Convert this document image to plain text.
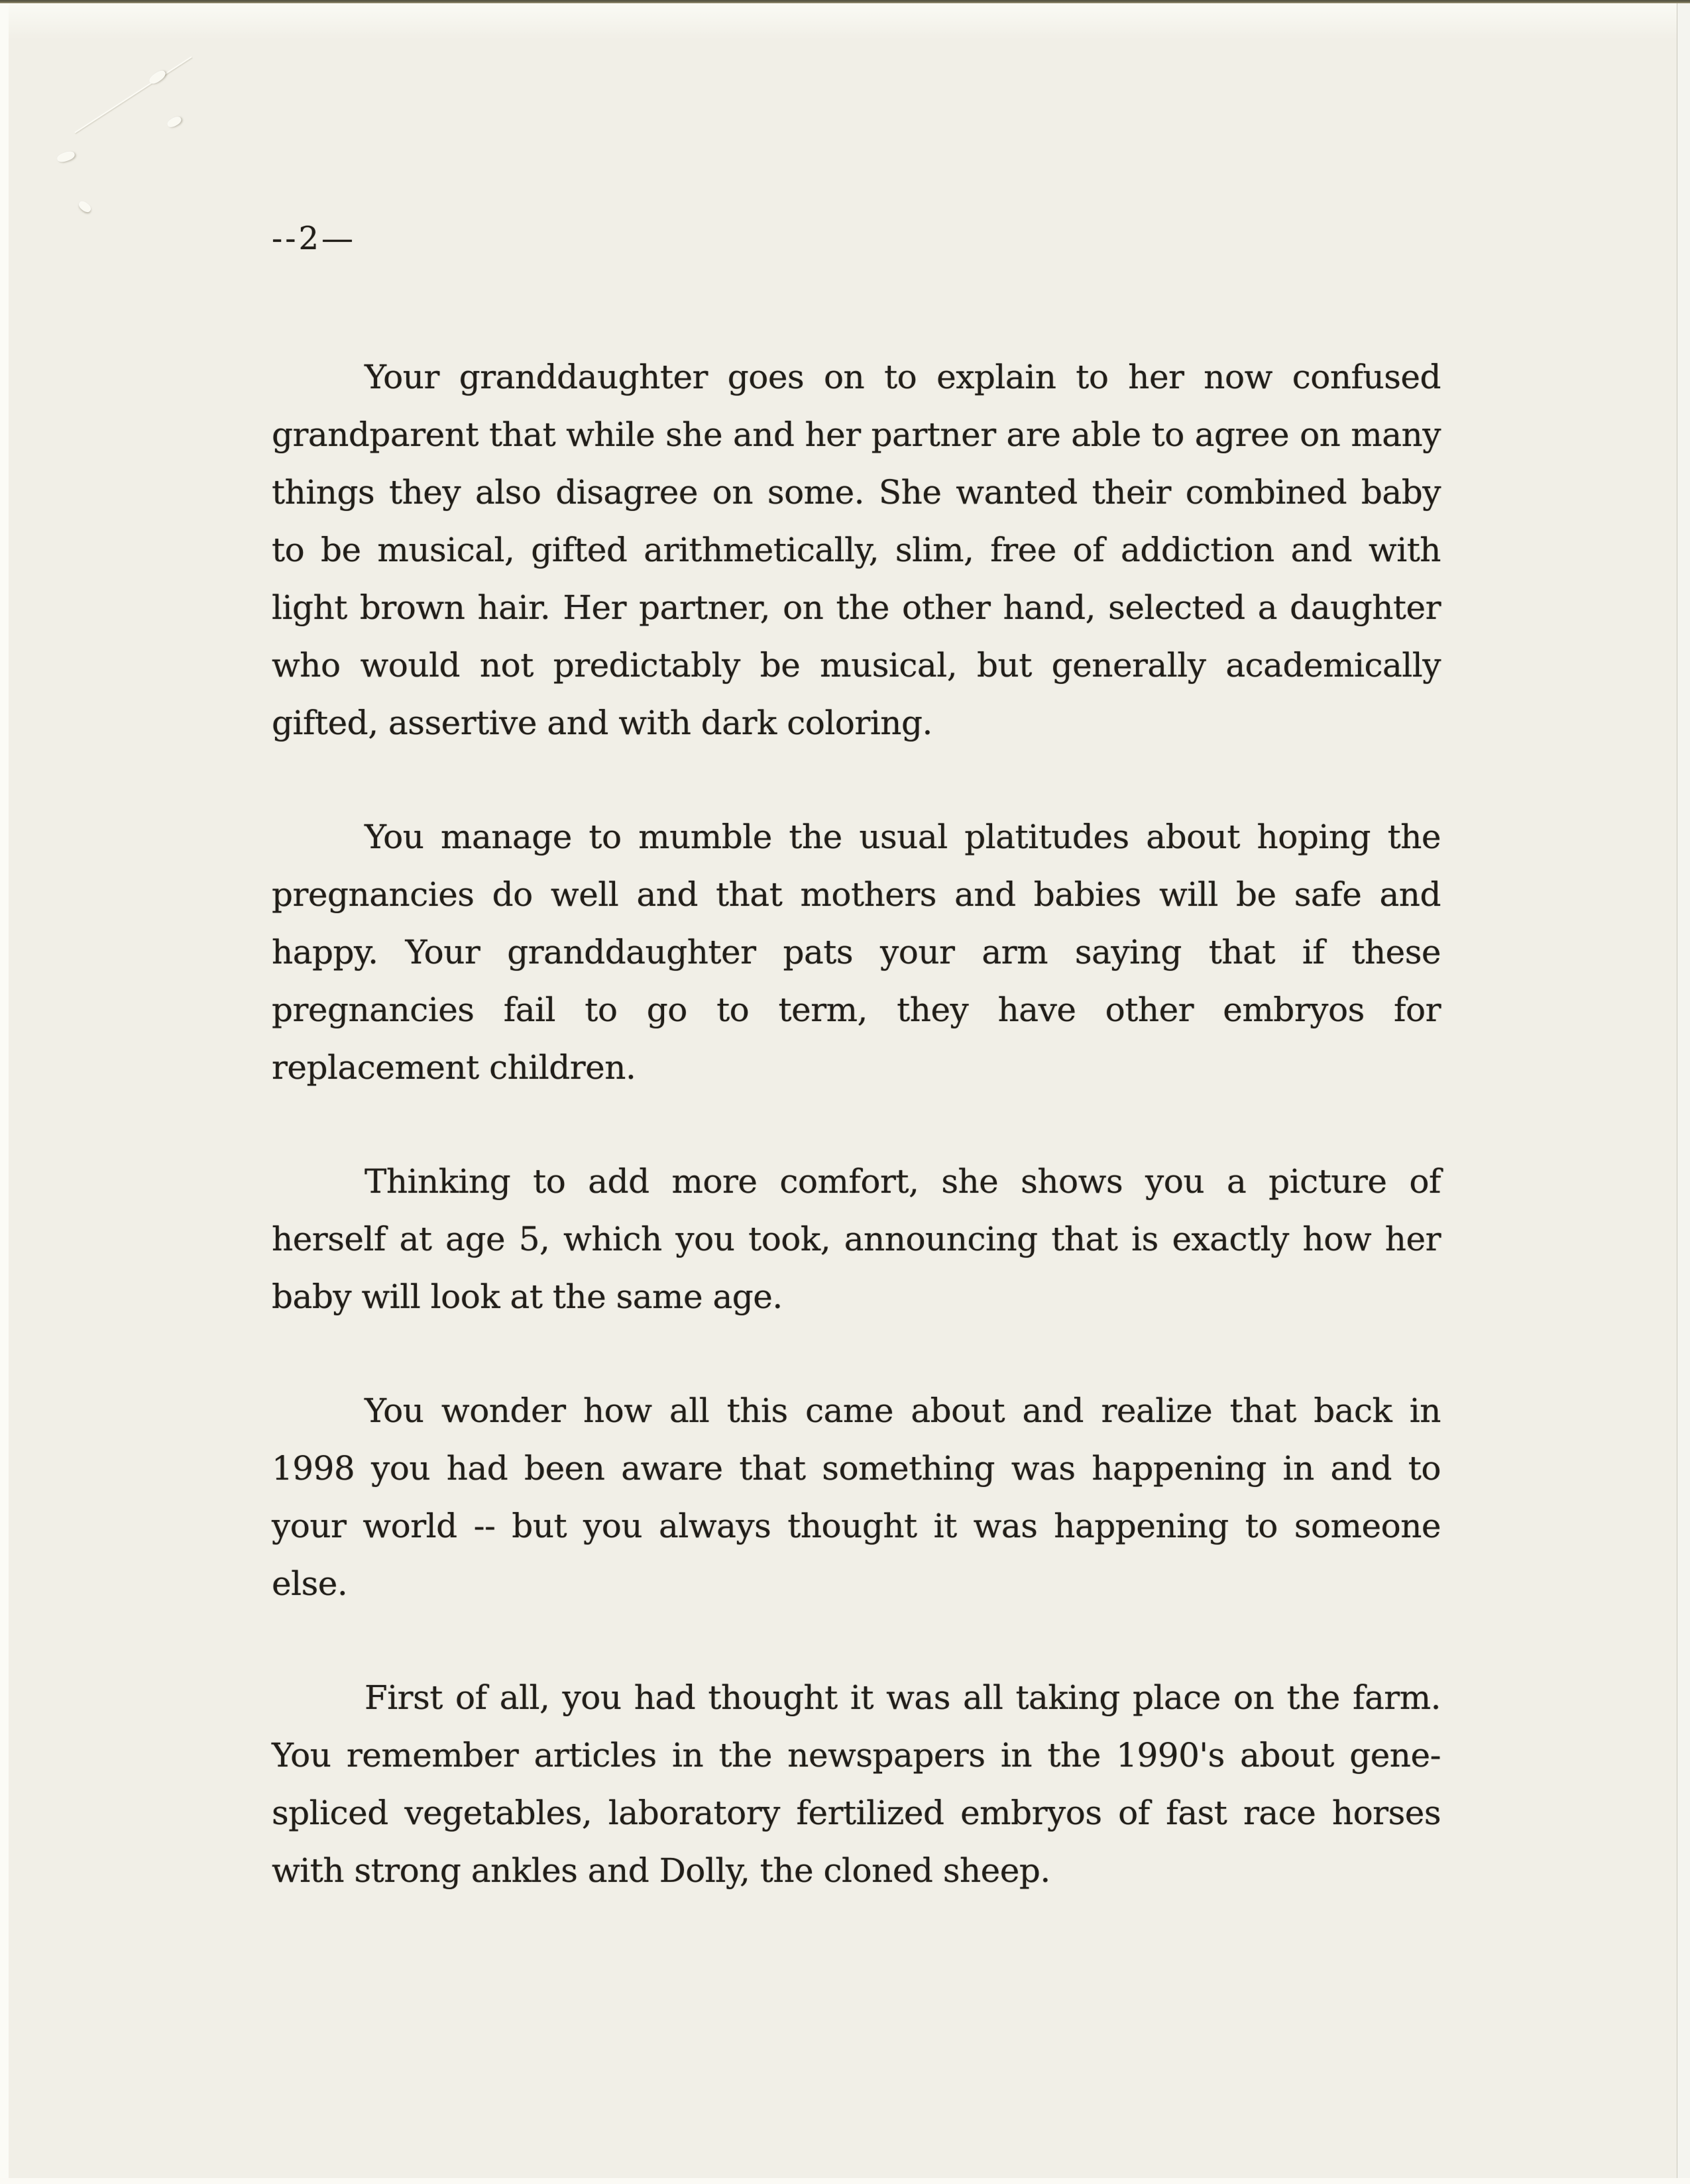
--2—
Your granddaughter goes on to explain to her now confused
grandparent that while she and her partner are able to agree on many
things they also disagree on some. She wanted their combined baby
to be musical, gifted arithmetically, slim, free of addiction and with
light brown hair. Her partner, on the other hand, selected a daughter
who would not predictably be musical, but generally academically
gifted, assertive and with dark coloring.
You manage to mumble the usual platitudes about hoping the
pregnancies do well and that mothers and babies will be safe and
happy. Your granddaughter pats your arm saying that if these
pregnancies fail to go to term, they have other embryos for
replacement children.
Thinking to add more comfort, she shows you a picture of
herself at age 5, which you took, announcing that is exactly how her
baby will look at the same age.
You wonder how all this came about and realize that back in
1998 you had been aware that something was happening in and to
your world -- but you always thought it was happening to someone
else.
First of all, you had thought it was all taking place on the farm.
You remember articles in the newspapers in the 1990's about gene-
spliced vegetables, laboratory fertilized embryos of fast race horses
with strong ankles and Dolly, the cloned sheep.
